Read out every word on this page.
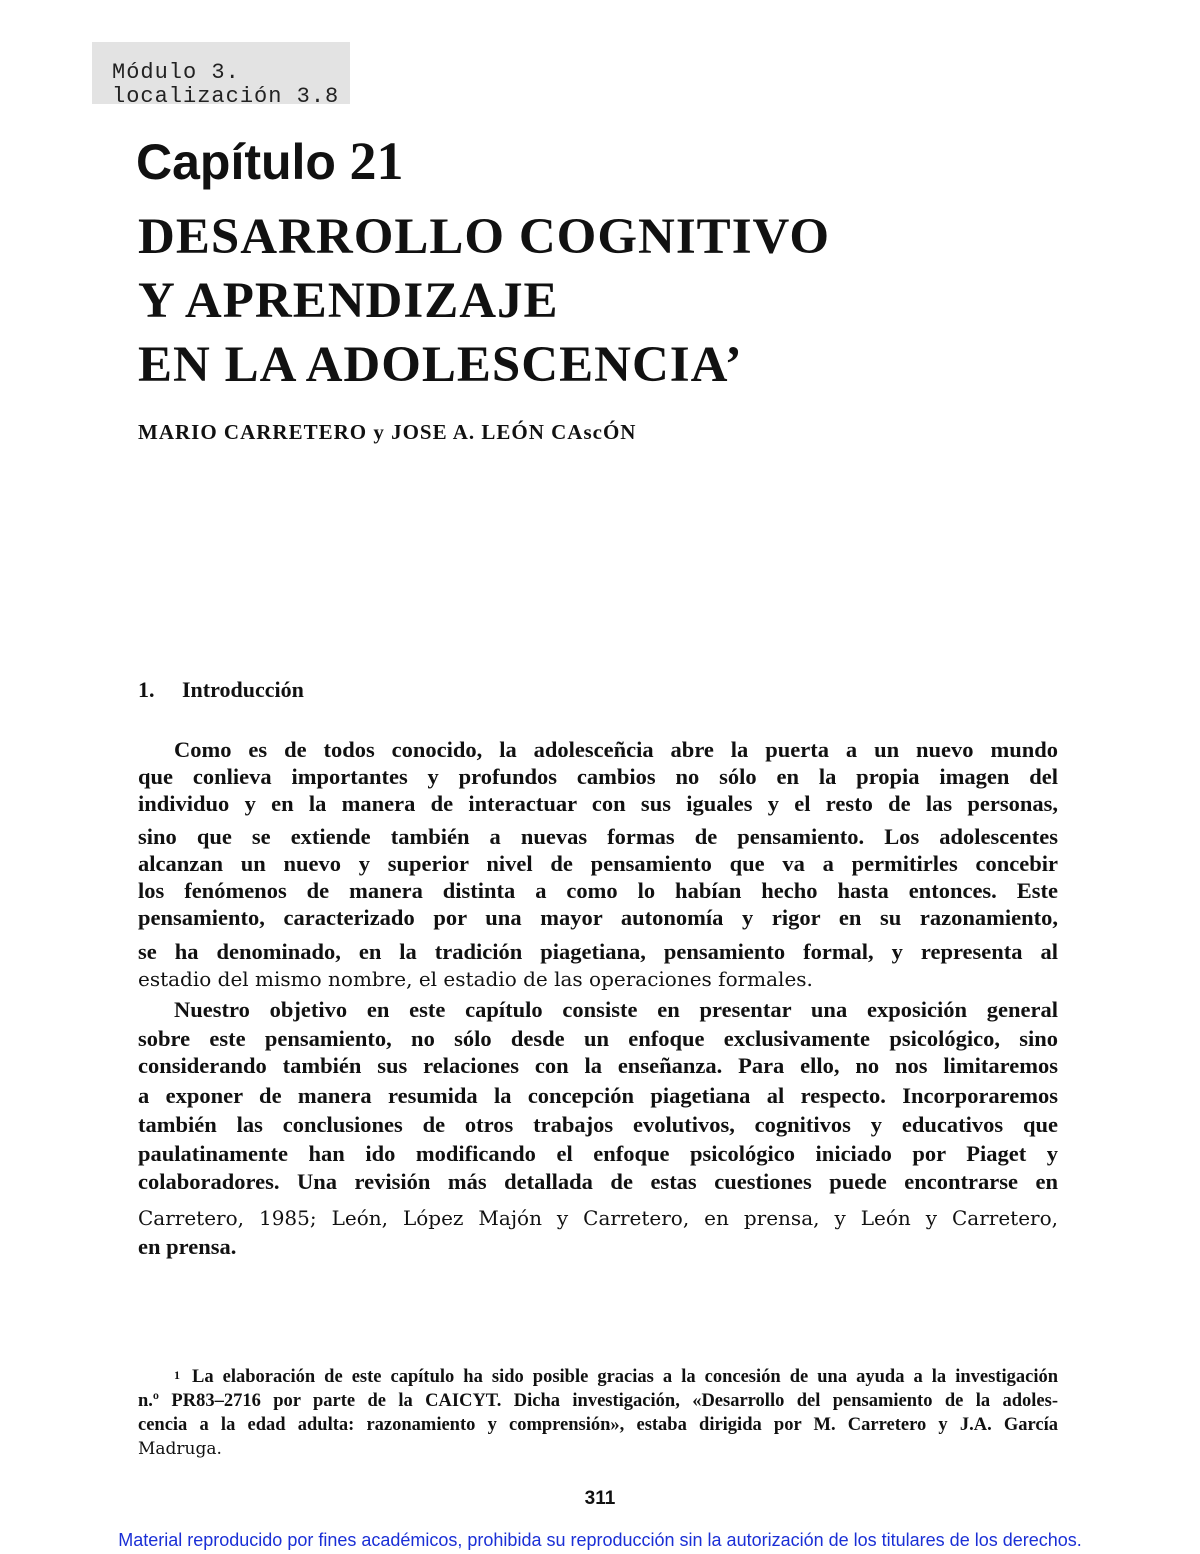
Módulo 3.
localización 3.8
Capítulo 21
DESARROLLO COGNITIVO
Y APRENDIZAJE
EN LA ADOLESCENCIA’
MARIO CARRETERO y JOSE A. LEÓN CAscÓN
1. Introducción
Como es de todos conocido, la adolesceñcia abre la puerta a un nuevo mundo
que conlieva importantes y profundos cambios no sólo en la propia imagen del
individuo y en la manera de interactuar con sus iguales y el resto de las personas,
sino que se extiende también a nuevas formas de pensamiento. Los adolescentes
alcanzan un nuevo y superior nivel de pensamiento que va a permitirles concebir
los fenómenos de manera distinta a como lo habían hecho hasta entonces. Este
pensamiento, caracterizado por una mayor autonomía y rigor en su razonamiento,
se ha denominado, en la tradición piagetiana, pensamiento formal, y representa al
estadio del mismo nombre, el estadio de las operaciones formales.
Nuestro objetivo en este capítulo consiste en presentar una exposición general
sobre este pensamiento, no sólo desde un enfoque exclusivamente psicológico, sino
considerando también sus relaciones con la enseñanza. Para ello, no nos limitaremos
a exponer de manera resumida la concepción piagetiana al respecto. Incorporaremos
también las conclusiones de otros trabajos evolutivos, cognitivos y educativos que
paulatinamente han ido modificando el enfoque psicológico iniciado por Piaget y
colaboradores. Una revisión más detallada de estas cuestiones puede encontrarse en
Carretero, 1985; León, López Majón y Carretero, en prensa, y León y Carretero,
en prensa.
1 La elaboración de este capítulo ha sido posible gracias a la concesión de una ayuda a la investigación
n.º PR83–2716 por parte de la CAICYT. Dicha investigación, «Desarrollo del pensamiento de la adoles-
cencia a la edad adulta: razonamiento y comprensión», estaba dirigida por M. Carretero y J.A. García
Madruga.
311
Material reproducido por fines académicos, prohibida su reproducción sin la autorización de los titulares de los derechos.
